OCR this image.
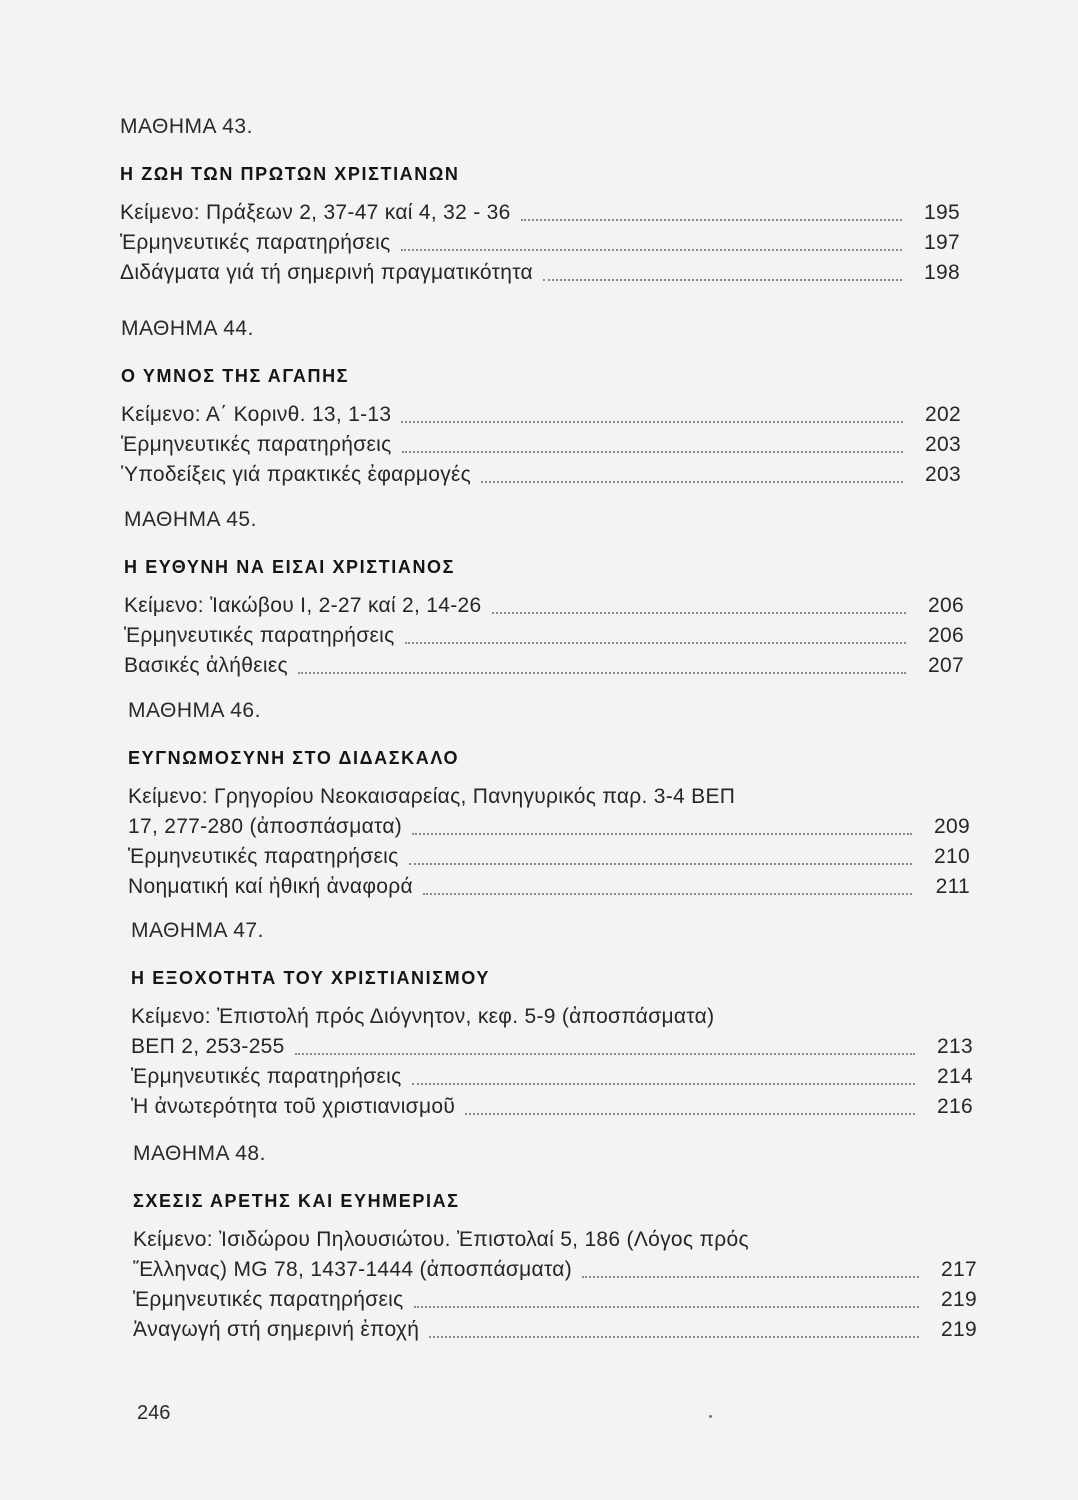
ΜΑΘΗΜΑ 43.
Η ΖΩΗ ΤΩΝ ΠΡΩΤΩΝ ΧΡΙΣΤΙΑΝΩΝ
Κείμενο: Πράξεων 2, 37-47 καί 4, 32 - 36	195
Ἑρμηνευτικές παρατηρήσεις	197
Διδάγματα γιά τή σημερινή πραγματικότητα	198
ΜΑΘΗΜΑ 44.
Ο ΥΜΝΟΣ ΤΗΣ ΑΓΑΠΗΣ
Κείμενο: Α΄ Κορινθ. 13, 1-13	202
Ἑρμηνευτικές παρατηρήσεις	203
Ὑποδείξεις γιά πρακτικές ἐφαρμογές	203
ΜΑΘΗΜΑ 45.
Η ΕΥΘΥΝΗ ΝΑ ΕΙΣΑΙ ΧΡΙΣΤΙΑΝΟΣ
Κείμενο: Ἰακώβου Ι, 2-27 καί 2, 14-26	206
Ἑρμηνευτικές παρατηρήσεις	206
Βασικές ἀλήθειες	207
ΜΑΘΗΜΑ 46.
ΕΥΓΝΩΜΟΣΥΝΗ ΣΤΟ ΔΙΔΑΣΚΑΛΟ
Κείμενο: Γρηγορίου Νεοκαισαρείας, Πανηγυρικός παρ. 3-4 ΒΕΠ
17, 277-280 (ἀποσπάσματα)	209
Ἑρμηνευτικές παρατηρήσεις	210
Νοηματική καί ἠθική ἀναφορά	211
ΜΑΘΗΜΑ 47.
Η ΕΞΟΧΟΤΗΤΑ ΤΟΥ ΧΡΙΣΤΙΑΝΙΣΜΟΥ
Κείμενο: Ἐπιστολή πρός Διόγνητον, κεφ. 5-9 (ἀποσπάσματα)
ΒΕΠ 2, 253-255	213
Ἑρμηνευτικές παρατηρήσεις	214
Ἡ ἀνωτερότητα τοῦ χριστιανισμοῦ	216
ΜΑΘΗΜΑ 48.
ΣΧΕΣΙΣ ΑΡΕΤΗΣ ΚΑΙ ΕΥΗΜΕΡΙΑΣ
Κείμενο: Ἰσιδώρου Πηλουσιώτου. Ἐπιστολαί 5, 186 (Λόγος πρός
Ἕλληνας) MG 78, 1437-1444 (ἀποσπάσματα)	217
Ἑρμηνευτικές παρατηρήσεις	219
Ἀναγωγή στή σημερινή ἐποχή	219
246
